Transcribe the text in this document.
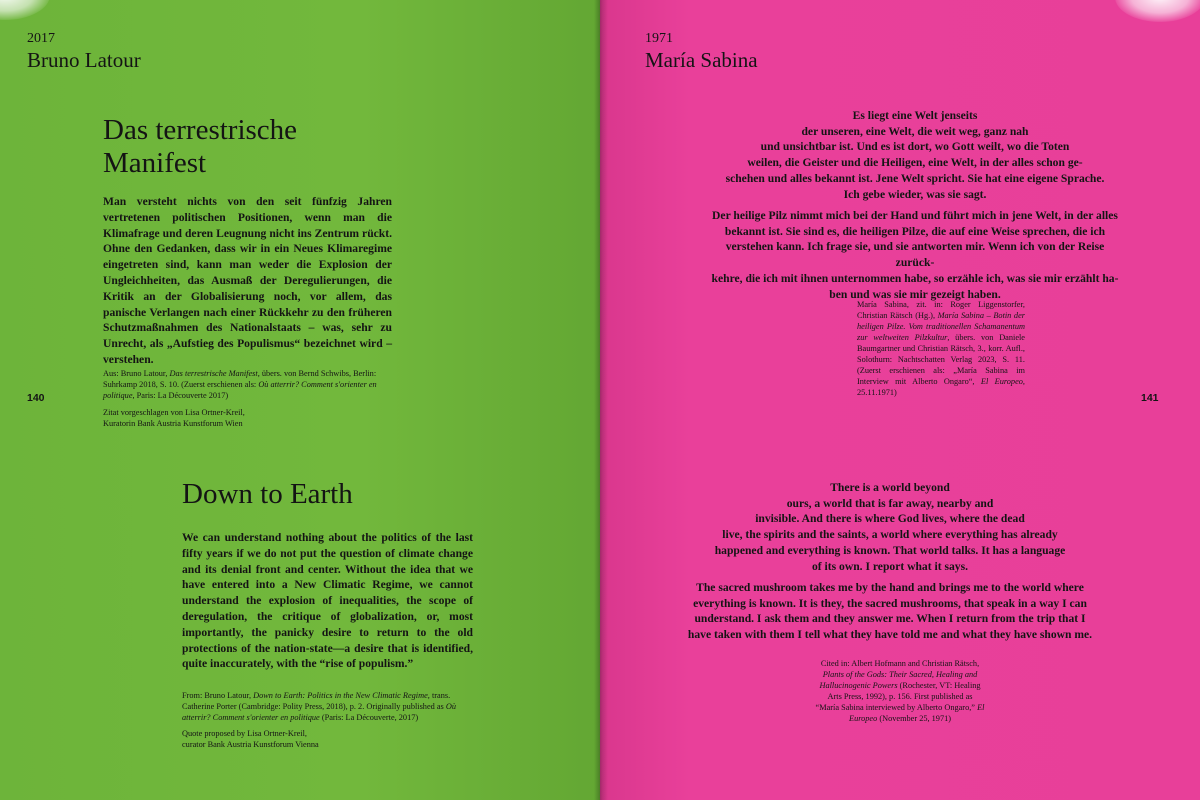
2017

Bruno Latour

Das terrestrische Manifest

Man versteht nichts von den seit fünfzig Jahren vertretenen politischen Positionen, wenn man die Klimafrage und deren Leugnung nicht ins Zentrum rückt. Ohne den Gedanken, dass wir in ein Neues Klimaregime eingetreten sind, kann man weder die Explosion der Ungleichheiten, das Ausmaß der Deregulierungen, die Kritik an der Globalisierung noch, vor allem, das panische Verlangen nach einer Rückkehr zu den früheren Schutzmaßnahmen des Nationalstaats – was, sehr zu Unrecht, als „Aufstieg des Populismus“ bezeichnet wird – verstehen.

Aus: Bruno Latour, Das terrestrische Manifest, übers. von Bernd Schwibs, Berlin: Suhrkamp 2018, S. 10. (Zuerst erschienen als: Où atterrir? Comment s'orienter en politique, Paris: La Découverte 2017)

140

Zitat vorgeschlagen von Lisa Ortner-Kreil,
Kuratorin Bank Austria Kunstforum Wien
Down to Earth

We can understand nothing about the politics of the last fifty years if we do not put the question of climate change and its denial front and center. Without the idea that we have entered into a New Climatic Regime, we cannot understand the explosion of inequalities, the scope of deregulation, the critique of globalization, or, most importantly, the panicky desire to return to the old protections of the nation-state—a desire that is identified, quite inaccurately, with the “rise of populism.”

From: Bruno Latour, Down to Earth: Politics in the New Climatic Regime, trans. Catherine Porter (Cambridge: Polity Press, 2018), p. 2. Originally published as Où atterrir? Comment s'orienter en politique (Paris: La Découverte, 2017)

Quote proposed by Lisa Ortner-Kreil,
curator Bank Austria Kunstforum Vienna

1971

María Sabina

Es liegt eine Welt jenseits
der unseren, eine Welt, die weit weg, ganz nah
und unsichtbar ist. Und es ist dort, wo Gott weilt, wo die Toten
weilen, die Geister und die Heiligen, eine Welt, in der alles schon ge-
schehen und alles bekannt ist. Jene Welt spricht. Sie hat eine eigene Sprache.
Ich gebe wieder, was sie sagt.
Der heilige Pilz nimmt mich bei der Hand und führt mich in jene Welt, in der alles
bekannt ist. Sie sind es, die heiligen Pilze, die auf eine Weise sprechen, die ich
verstehen kann. Ich frage sie, und sie antworten mir. Wenn ich von der Reise zurück-
kehre, die ich mit ihnen unternommen habe, so erzähle ich, was sie mir erzählt ha-
ben und was sie mir gezeigt haben.

María Sabina, zit. in: Roger Liggenstorfer, Christian Rätsch (Hg.), María Sabina – Botin der heiligen Pilze. Vom traditionellen Schamanentum zur weltweiten Pilzkultur, übers. von Daniele Baumgartner und Christian Rätsch, 3., korr. Aufl., Solothurn: Nachtschatten Verlag 2023, S. 11. (Zuerst erschienen als: „María Sabina im Interview mit Alberto Ongaro“, El Europeo, 25.11.1971)	141

There is a world beyond
ours, a world that is far away, nearby and
invisible. And there is where God lives, where the dead
live, the spirits and the saints, a world where everything has already
happened and everything is known. That world talks. It has a language
of its own. I report what it says.
The sacred mushroom takes me by the hand and brings me to the world where
everything is known. It is they, the sacred mushrooms, that speak in a way I can
understand. I ask them and they answer me. When I return from the trip that I
have taken with them I tell what they have told me and what they have shown me.

Cited in: Albert Hofmann and Christian Rätsch, Plants of the Gods: Their Sacred, Healing and Hallucinogenic Powers (Rochester, VT: Healing Arts Press, 1992), p. 156. First published as “María Sabina interviewed by Alberto Ongaro,” El Europeo (November 25, 1971)
